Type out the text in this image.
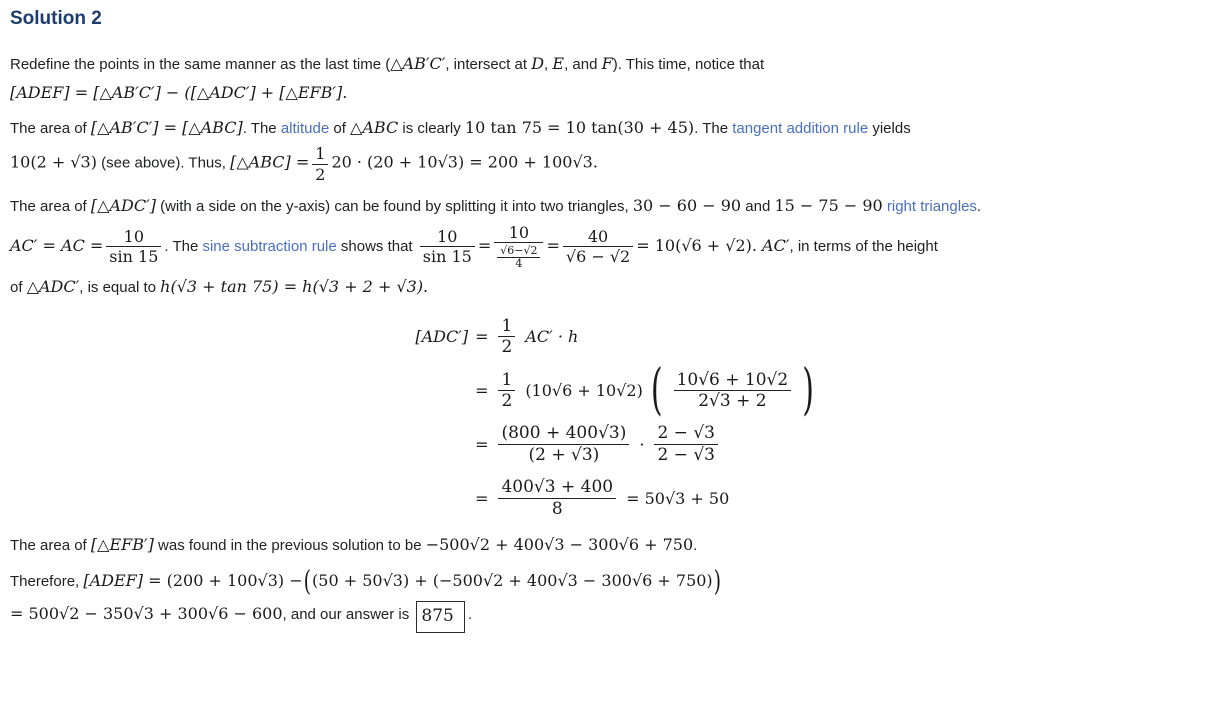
Solution 2
Redefine the points in the same manner as the last time (△AB′C′, intersect at D, E, and F). This time, notice that
[ADEF] = [△AB′C′] − ([△ADC′] + [△EFB′].
The area of [△AB′C′] = [△ABC]. The altitude of △ABC is clearly 10 tan 75 = 10 tan(30 + 45). The tangent addition rule yields
10(2 + √3) (see above). Thus, [△ABC] = $\frac{1}{2} 20 \cdot (20 + 10√3) = 200 + 100√3$.
The area of [△ADC′] (with a side on the y-axis) can be found by splitting it into two triangles, 30 − 60 − 90 and 15 − 75 − 90 right triangles.
AC′ = AC = $\frac{10}{\sin 15}$ . The sine subtraction rule shows that $\frac{10}{\sin 15} = \frac{10}{\frac{√6-√2}{4}} = \frac{40}{√6 - √2} = 10(√6 + √2)$. AC′, in terms of the height
of △ADC′, is equal to h(√3 + tan 75) = h(√3 + 2 + √3).
$[ADC'] = \frac{1}{2} AC' \cdot h$
= $\frac{1}{2} (10√6 + 10√2)$ ( $\frac{10√6 + 10√2}{2√3 + 2}$ )
= $\frac{(800 + 400√3)}{(2 + √3)} \cdot \frac{2 - √3}{2 - √3}$
= $\frac{400√3 + 400}{8} = 50√3 + 50$
The area of [△EFB′] was found in the previous solution to be −500√2 + 400√3 − 300√6 + 750.
Therefore, [ADEF] = (200 + 100√3) −((50 + 50√3) + (−500√2 + 400√3 − 300√6 + 750))
= 500√2 − 350√3 + 300√6 − 600, and our answer is 875 .
